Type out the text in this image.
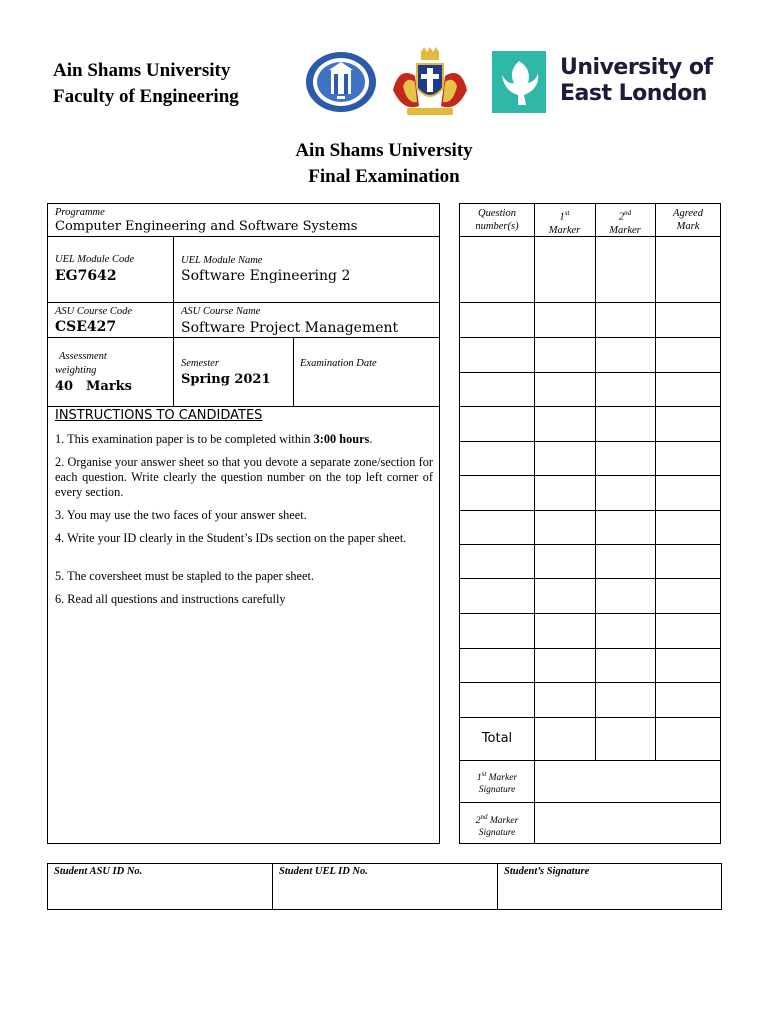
Ain Shams University
Faculty of Engineering
University of
East London
Ain Shams University
Final Examination
Programme
Computer Engineering and Software Systems
UEL Module Code
EG7642
UEL Module Name
Software Engineering 2
ASU Course Code
CSE427
ASU Course Name
Software Project Management
Assessment
weighting
40 Marks
Semester
Spring 2021
Examination Date
INSTRUCTIONS TO CANDIDATES
1. This examination paper is to be completed within 3:00 hours.
2. Organise your answer sheet so that you devote a separate zone/section for each question. Write clearly the question number on the top left corner of every section.
3. You may use the two faces of your answer sheet.
4. Write your ID clearly in the Student’s IDs section on the paper sheet.
5. The coversheet must be stapled to the paper sheet.
6. Read all questions and instructions carefully
Question
number(s)
1st
Marker
2nd
Marker
Agreed
Mark
Total
1st Marker
Signature
2nd Marker
Signature
Student ASU ID No.	Student UEL ID No.	Student’s Signature
